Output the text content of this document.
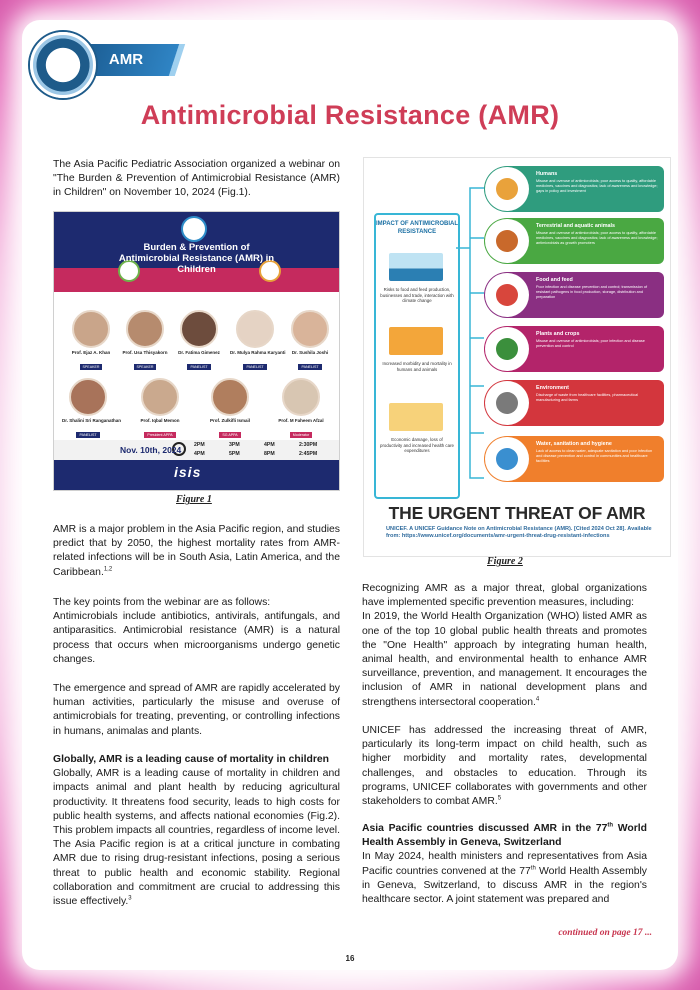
AMR
Antimicrobial Resistance (AMR)

The Asia Pacific Pediatric Association organized a webinar on "The Burden & Prevention of Antimicrobial Resistance (AMR) in Children" on November 10, 2024 (Fig.1).

Burden & Prevention of Antimicrobial Resistance (AMR) in Children
Prof. Ejaz A. Khan
SPEAKER
Prof. Usa Thisyakorn
SPEAKER
Dr. Fatima Gimenez
PANELIST
Dr. Mulya Rahma Karyanti
PANELIST
Dr. Sushila Joshi
PANELIST
Dr. Shalini Sri Ranganathan
PANELIST
Prof. Iqbal Memon
President APPA
Prof. Zulkifli Ismail
SG APPA
Prof. M Faheem Afzal
Moderator
Nov. 10th, 2024 2PM	3PM	4PM	2:30PM
4PM	5PM	8PM	2:45PM
isis
Figure 1

AMR is a major problem in the Asia Pacific region, and studies predict that by 2050, the highest mortality rates from AMR-related infections will be in South Asia, Latin America, and the Caribbean.$^{1,2}$

The key points from the webinar are as follows:

Antimicrobials include antibiotics, antivirals, antifungals, and antiparasitics. Antimicrobial resistance (AMR) is a natural process that occurs when microorganisms undergo genetic changes.

The emergence and spread of AMR are rapidly accelerated by human activities, particularly the misuse and overuse of antimicrobials for treating, preventing, or controlling infections in humans, animalas and plants.

Globally, AMR is a leading cause of mortality in children

Globally, AMR is a leading cause of mortality in children and impacts animal and plant health by reducing agricultural productivity. It threatens food security, leads to high costs for public health systems, and affects national economies (Fig.2). This problem impacts all countries, regardless of income level. The Asia Pacific region is at a critical juncture in combating AMR due to rising drug-resistant infections, posing a serious threat to public health and economic stability. Regional collaboration and commitment are crucial to addressing this issue effectively.$^3$

IMPACT OF ANTIMICROBIAL RESISTANCE
Risks to food and feed production, businesses and trade, interaction with climate change
Increased morbidity and mortality in humans and animals
Economic damage, loss of productivity and increased health care expenditures
Humans
Misuse and overuse of antimicrobials; poor access to quality, affordable medicines, vaccines and diagnostics; lack of awareness and knowledge; gaps in policy and investment
Terrestrial and aquatic animals
Misuse and overuse of antimicrobials; poor access to quality, affordable medicines, vaccines and diagnostics; lack of awareness and knowledge; antimicrobials as growth promoters
Food and feed
Poor infection and disease prevention and control; transmission of resistant pathogens in food production, storage, distribution and preparation
Plants and crops
Misuse and overuse of antimicrobials; poor infection and disease prevention and control
Environment
Discharge of waste from healthcare facilities, pharmaceutical manufacturing and farms
Water, sanitation and hygiene
Lack of access to clean water, adequate sanitation and poor infection and disease prevention and control in communities and healthcare facilities
THE URGENT THREAT OF AMR
UNICEF. A UNICEF Guidance Note on Antimicrobial Resistance (AMR). [Cited 2024 Oct 28]. Available from: https://www.unicef.org/documents/amr-urgent-threat-drug-resistant-infections
Figure 2

Recognizing AMR as a major threat, global organizations have implemented specific prevention measures, including:

In 2019, the World Health Organization (WHO) listed AMR as one of the top 10 global public health threats and promotes the "One Health" approach by integrating human health, animal health, and environmental health to enhance AMR surveillance, prevention, and management. It encourages the inclusion of AMR in national development plans and strengthens intersectoral cooperation.$^4$

UNICEF has addressed the increasing threat of AMR, particularly its long-term impact on child health, such as higher morbidity and mortality rates, developmental challenges, and obstacles to education. Through its programs, UNICEF collaborates with governments and other stakeholders to combat AMR.$^5$

Asia Pacific countries discussed AMR in the 77th World Health Assembly in Geneva, Switzerland

In May 2024, health ministers and representatives from Asia Pacific countries convened at the 77th World Health Assembly in Geneva, Switzerland, to discuss AMR in the region's healthcare sector. A joint statement was prepared and

continued on page 17 ...
16
